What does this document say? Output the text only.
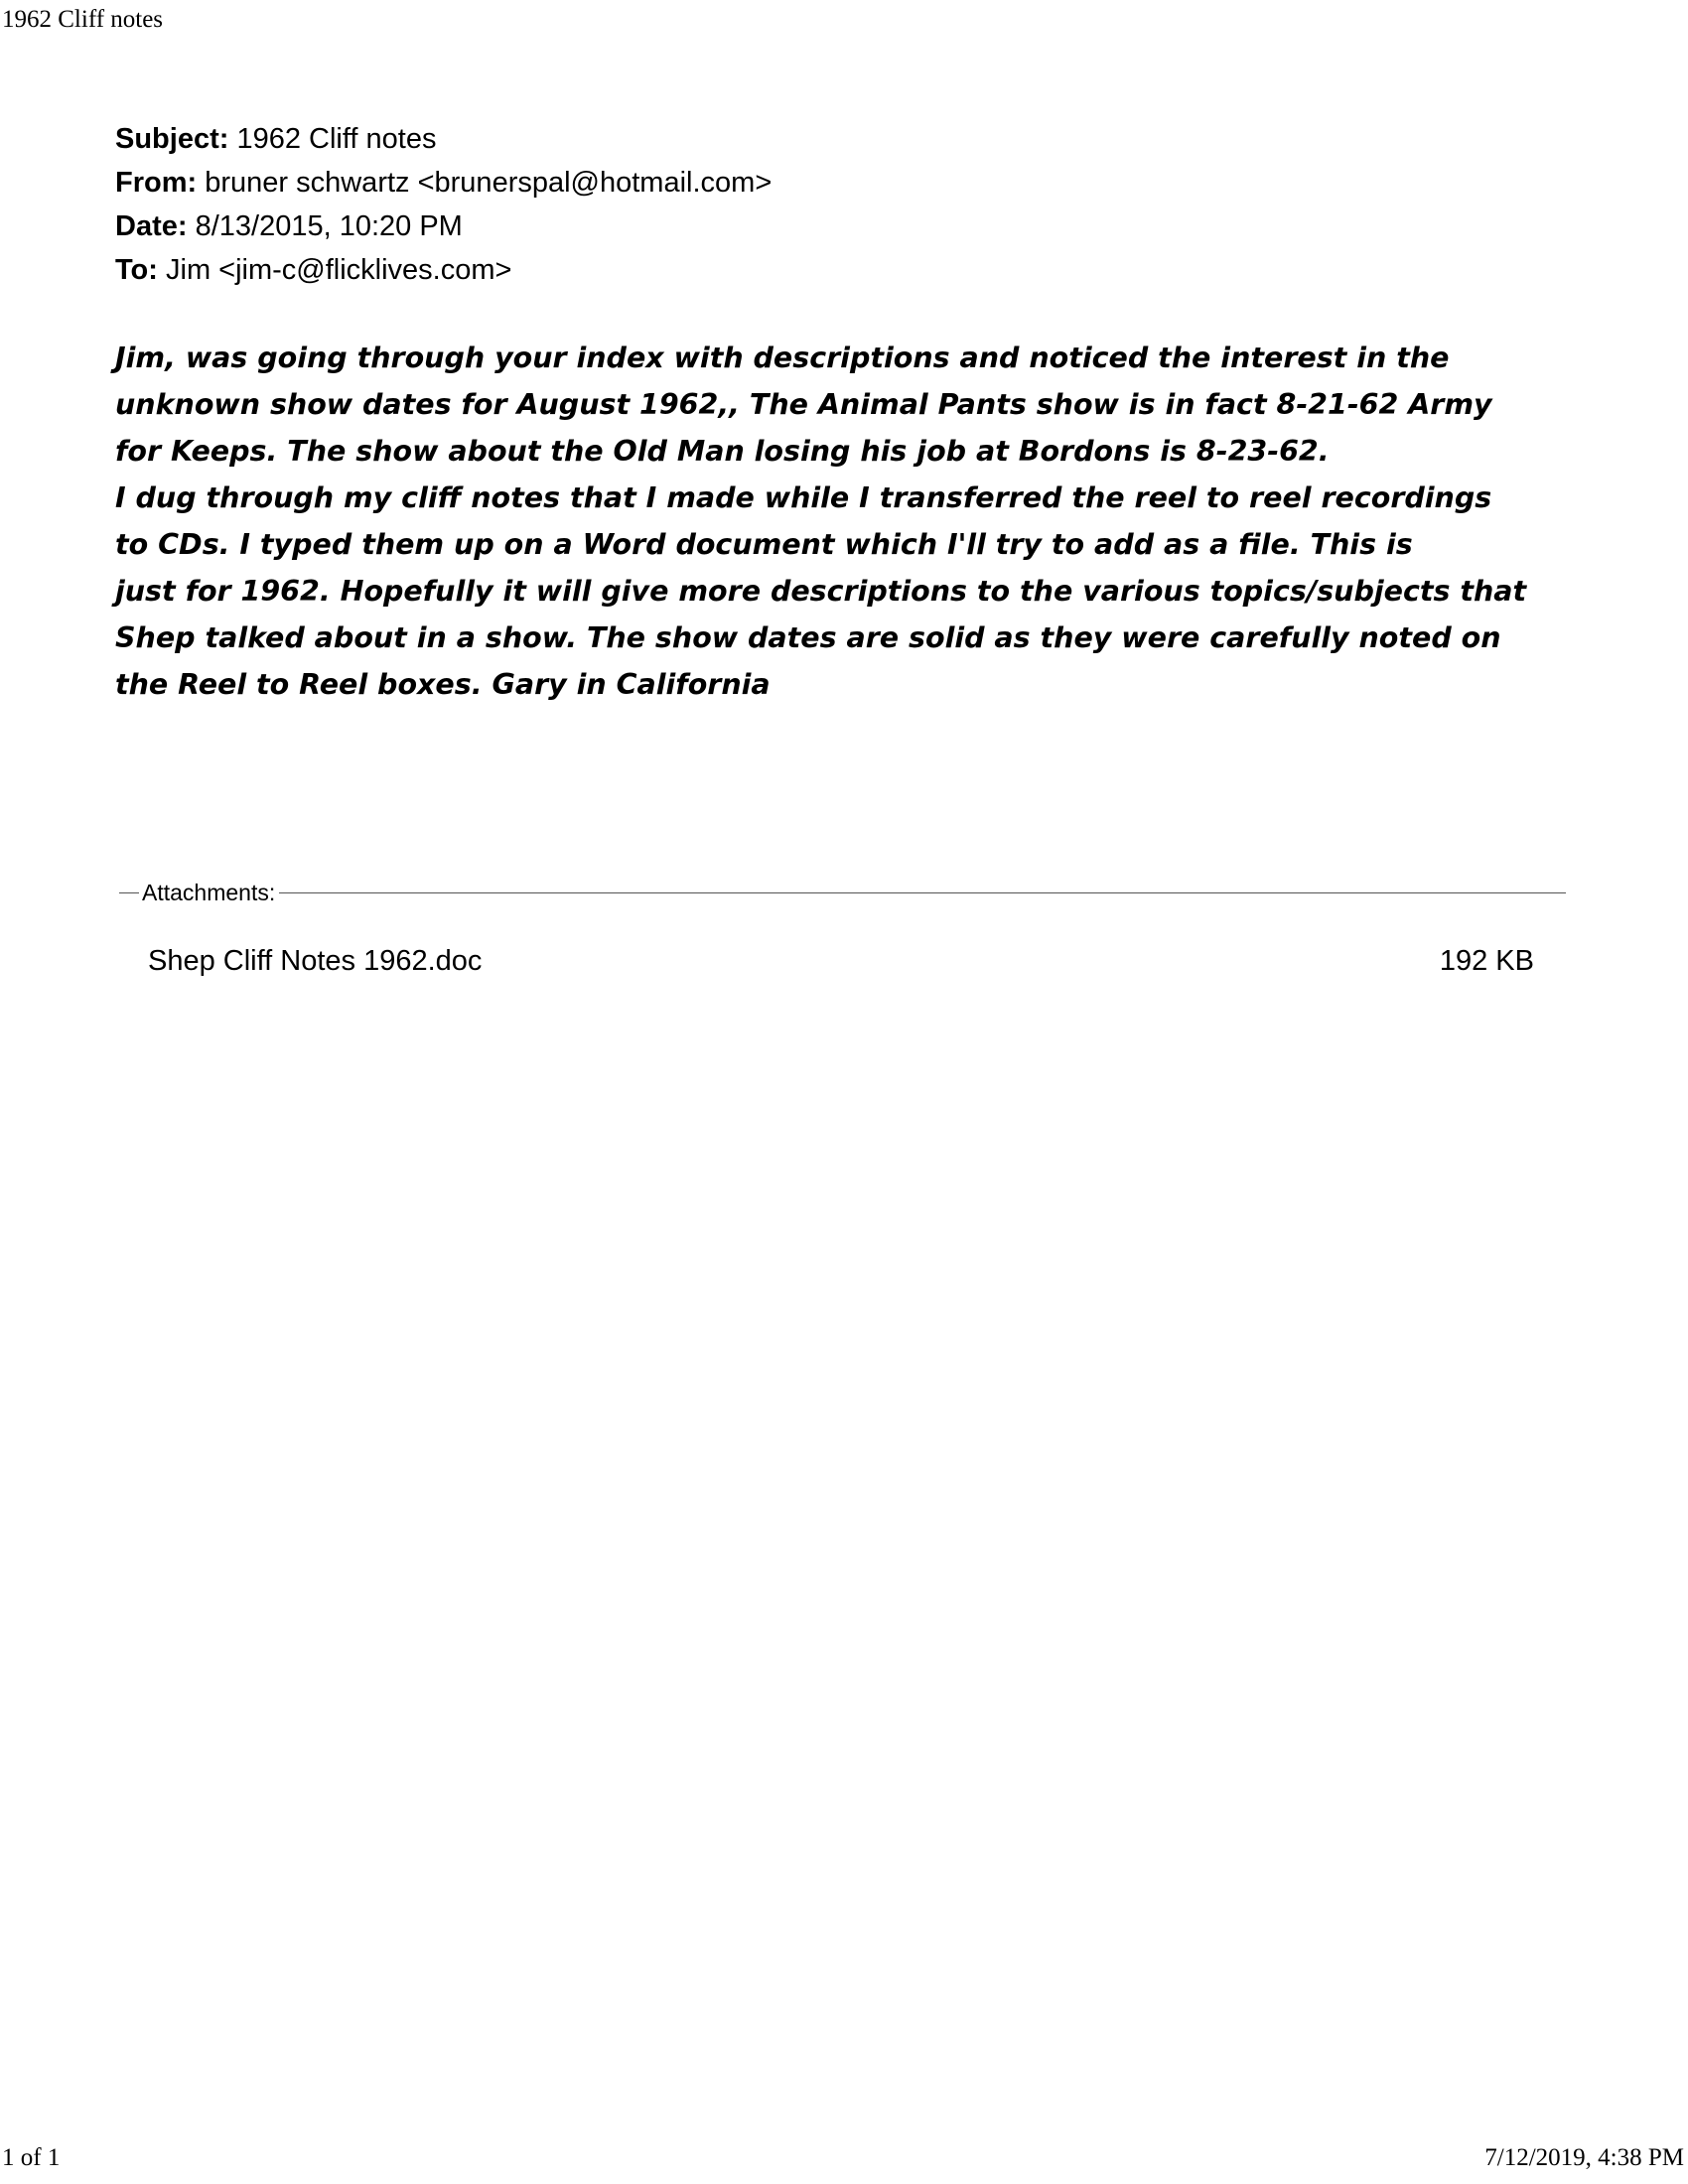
1962 Cliff notes
Subject: 1962 Cliff notes
From: bruner schwartz <brunerspal@hotmail.com>
Date: 8/13/2015, 10:20 PM
To: Jim <jim-c@flicklives.com>
Jim, was going through your index with descriptions and noticed the interest in the
unknown show dates for August 1962,, The Animal Pants show is in fact 8-21-62 Army
for Keeps. The show about the Old Man losing his job at Bordons is 8-23-62.
I dug through my cliff notes that I made while I transferred the reel to reel recordings
to CDs. I typed them up on a Word document which I'll try to add as a file. This is
just for 1962. Hopefully it will give more descriptions to the various topics/subjects that
Shep talked about in a show. The show dates are solid as they were carefully noted on
the Reel to Reel boxes. Gary in California
Attachments:
Shep Cliff Notes 1962.doc	192 KB
1 of 1	7/12/2019, 4:38 PM
